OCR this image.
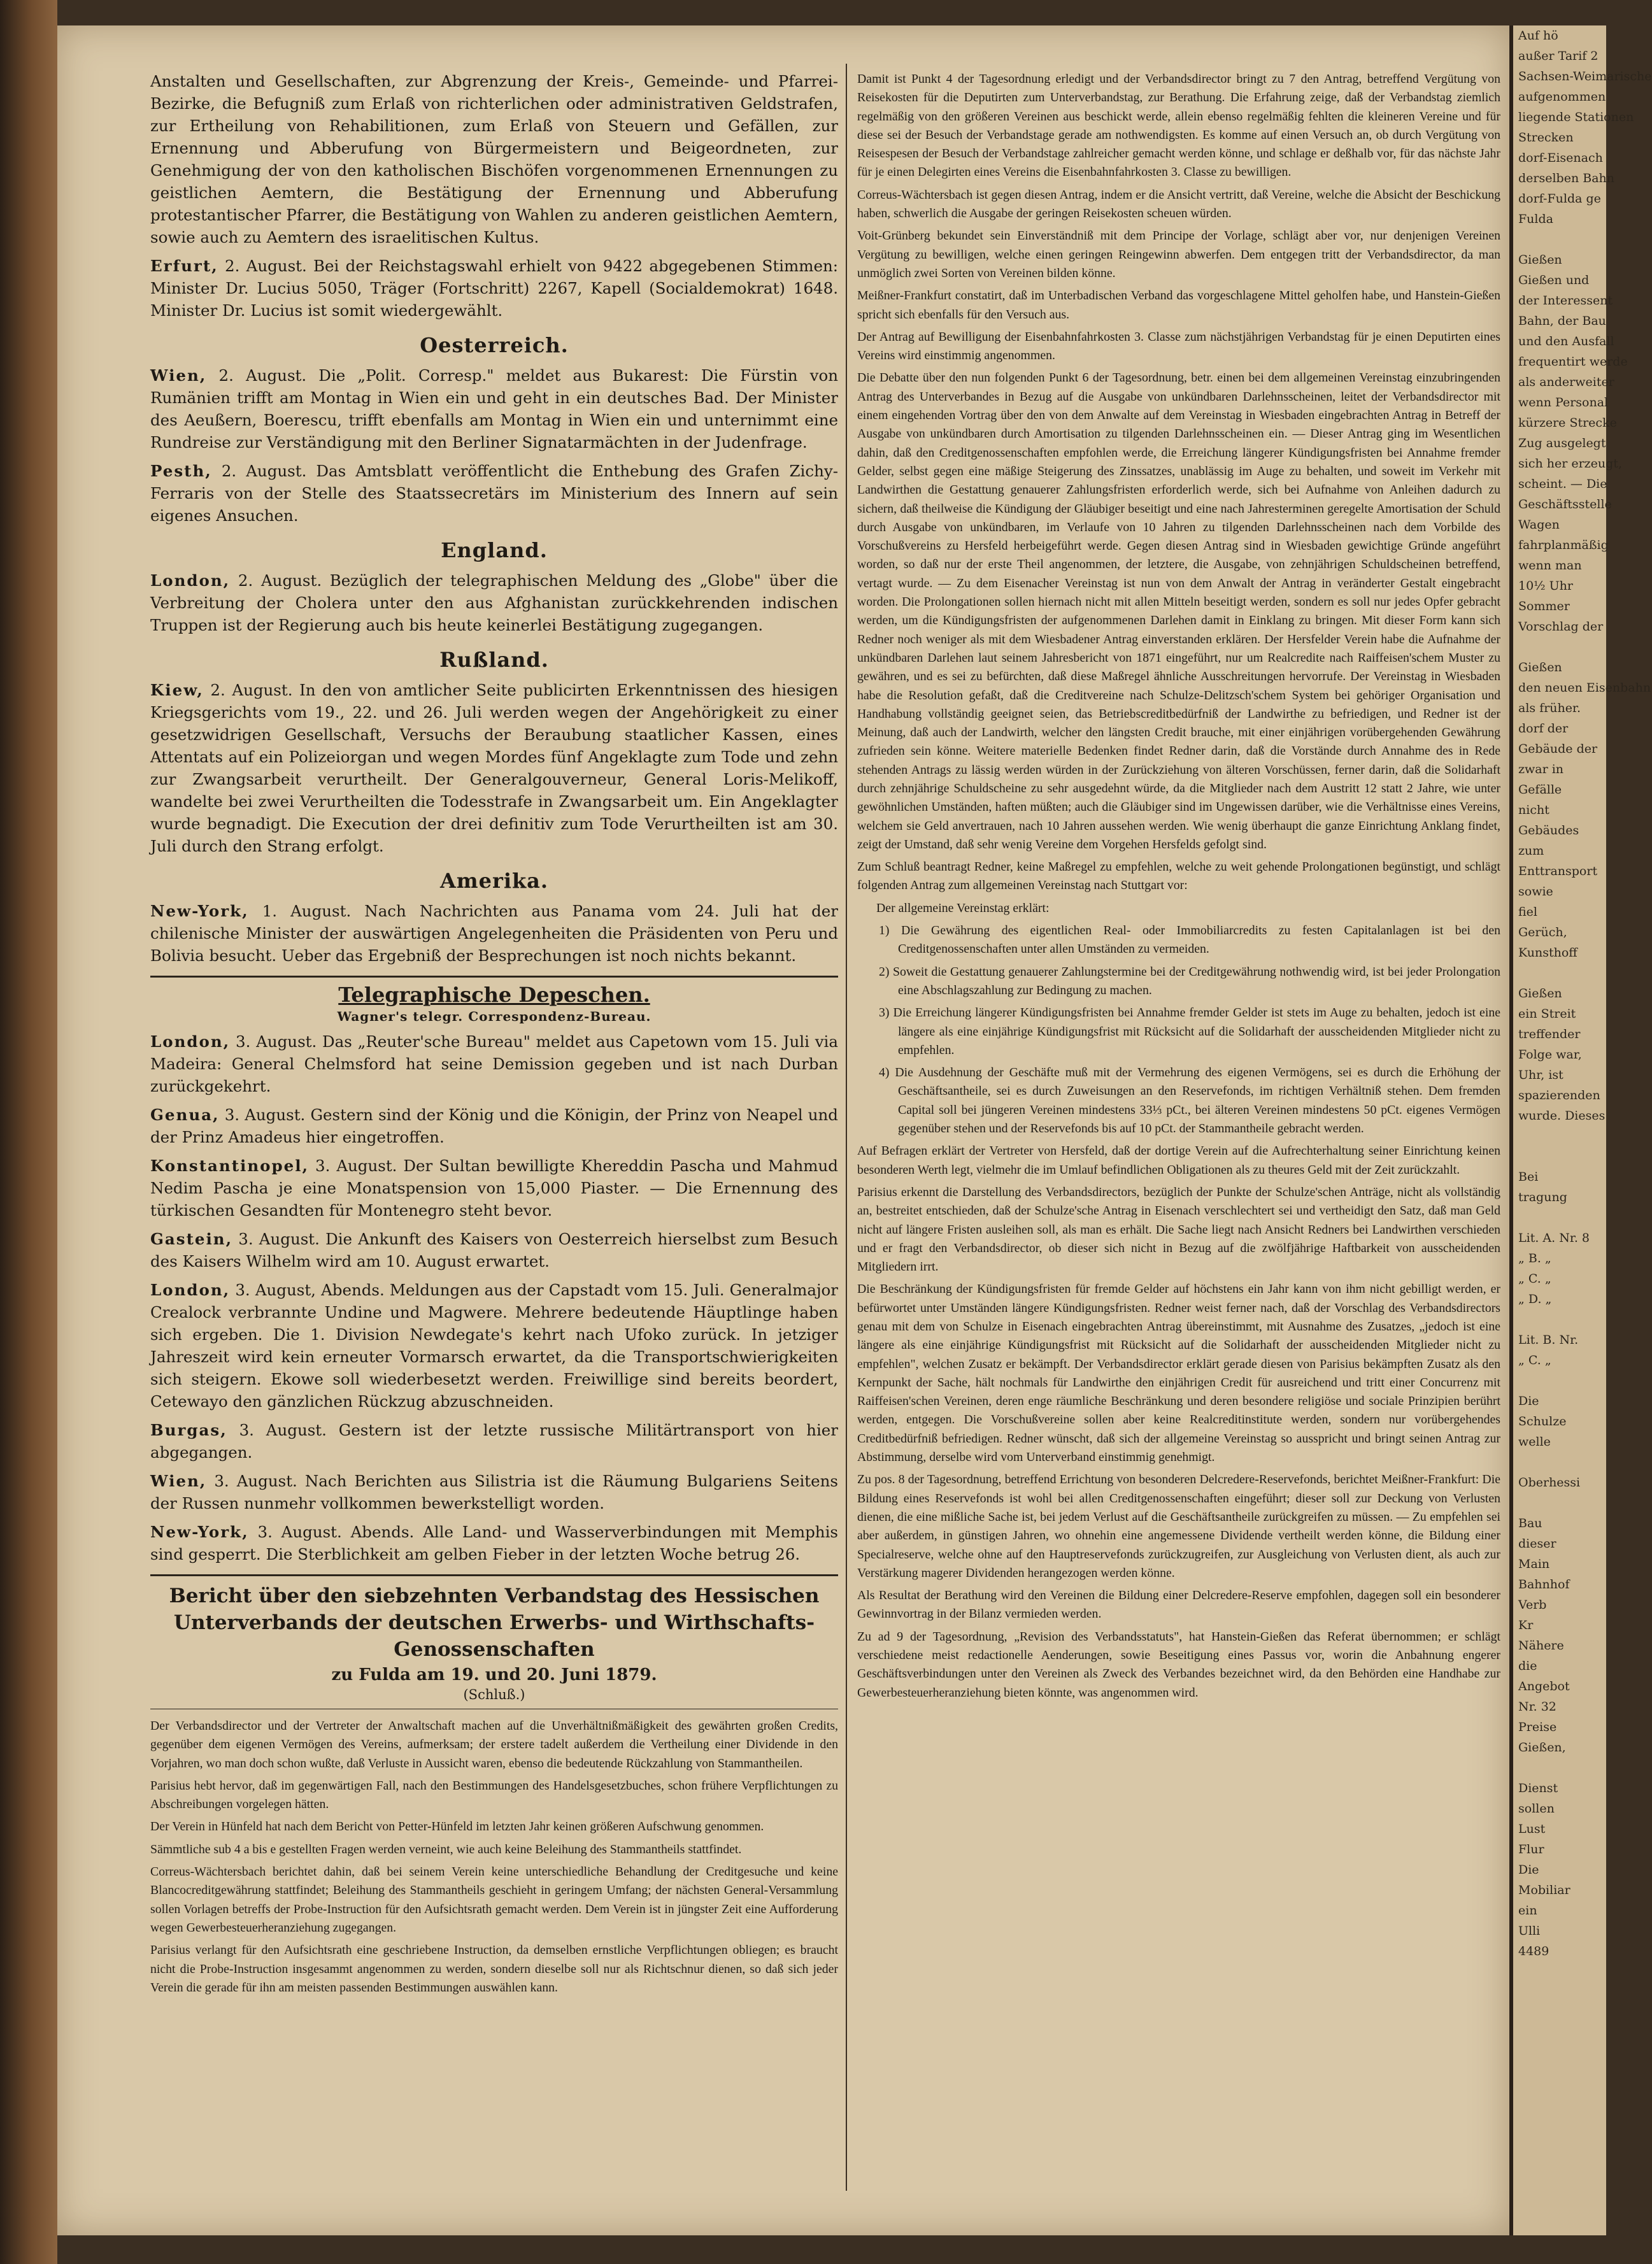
Anstalten und Gesellschaften, zur Abgrenzung der Kreis-, Gemeinde- und Pfarrei-Bezirke, die Befugniß zum Erlaß von richterlichen oder administrativen Geldstrafen, zur Ertheilung von Rehabilitionen, zum Erlaß von Steuern und Gefällen, zur Ernennung und Abberufung von Bürgermeistern und Beigeordneten, zur Genehmigung der von den katholischen Bischöfen vorgenommenen Ernennungen zu geistlichen Aemtern, die Bestätigung der Ernennung und Abberufung protestantischer Pfarrer, die Bestätigung von Wahlen zu anderen geistlichen Aemtern, sowie auch zu Aemtern des israelitischen Kultus.

Erfurt, 2. August. Bei der Reichstagswahl erhielt von 9422 abgegebenen Stimmen: Minister Dr. Lucius 5050, Träger (Fortschritt) 2267, Kapell (Socialdemokrat) 1648. Minister Dr. Lucius ist somit wiedergewählt.

Oesterreich.

Wien, 2. August. Die „Polit. Corresp." meldet aus Bukarest: Die Fürstin von Rumänien trifft am Montag in Wien ein und geht in ein deutsches Bad. Der Minister des Aeußern, Boerescu, trifft ebenfalls am Montag in Wien ein und unternimmt eine Rundreise zur Verständigung mit den Berliner Signatarmächten in der Judenfrage.

Pesth, 2. August. Das Amtsblatt veröffentlicht die Enthebung des Grafen Zichy-Ferraris von der Stelle des Staatssecretärs im Ministerium des Innern auf sein eigenes Ansuchen.

England.

London, 2. August. Bezüglich der telegraphischen Meldung des „Globe" über die Verbreitung der Cholera unter den aus Afghanistan zurückkehrenden indischen Truppen ist der Regierung auch bis heute keinerlei Bestätigung zugegangen.

Rußland.

Kiew, 2. August. In den von amtlicher Seite publicirten Erkenntnissen des hiesigen Kriegsgerichts vom 19., 22. und 26. Juli werden wegen der Angehörigkeit zu einer gesetzwidrigen Gesellschaft, Versuchs der Beraubung staatlicher Kassen, eines Attentats auf ein Polizeiorgan und wegen Mordes fünf Angeklagte zum Tode und zehn zur Zwangsarbeit verurtheilt. Der Generalgouverneur, General Loris-Melikoff, wandelte bei zwei Verurtheilten die Todesstrafe in Zwangsarbeit um. Ein Angeklagter wurde begnadigt. Die Execution der drei definitiv zum Tode Verurtheilten ist am 30. Juli durch den Strang erfolgt.

Amerika.

New-York, 1. August. Nach Nachrichten aus Panama vom 24. Juli hat der chilenische Minister der auswärtigen Angelegenheiten die Präsidenten von Peru und Bolivia besucht. Ueber das Ergebniß der Besprechungen ist noch nichts bekannt.

Telegraphische Depeschen.
Wagner's telegr. Correspondenz-Bureau.

London, 3. August. Das „Reuter'sche Bureau" meldet aus Capetown vom 15. Juli via Madeira: General Chelmsford hat seine Demission gegeben und ist nach Durban zurückgekehrt.

Genua, 3. August. Gestern sind der König und die Königin, der Prinz von Neapel und der Prinz Amadeus hier eingetroffen.

Konstantinopel, 3. August. Der Sultan bewilligte Khereddin Pascha und Mahmud Nedim Pascha je eine Monatspension von 15,000 Piaster. — Die Ernennung des türkischen Gesandten für Montenegro steht bevor.

Gastein, 3. August. Die Ankunft des Kaisers von Oesterreich hierselbst zum Besuch des Kaisers Wilhelm wird am 10. August erwartet.

London, 3. August, Abends. Meldungen aus der Capstadt vom 15. Juli. Generalmajor Crealock verbrannte Undine und Magwere. Mehrere bedeutende Häuptlinge haben sich ergeben. Die 1. Division Newdegate's kehrt nach Ufoko zurück. In jetziger Jahreszeit wird kein erneuter Vormarsch erwartet, da die Transportschwierigkeiten sich steigern. Ekowe soll wiederbesetzt werden. Freiwillige sind bereits beordert, Cetewayo den gänzlichen Rückzug abzuschneiden.

Burgas, 3. August. Gestern ist der letzte russische Militärtransport von hier abgegangen.

Wien, 3. August. Nach Berichten aus Silistria ist die Räumung Bulgariens Seitens der Russen nunmehr vollkommen bewerkstelligt worden.

New-York, 3. August. Abends. Alle Land- und Wasserverbindungen mit Memphis sind gesperrt. Die Sterblichkeit am gelben Fieber in der letzten Woche betrug 26.

Bericht über den siebzehnten Verbandstag des Hessischen Unterverbands der deutschen Erwerbs- und Wirthschafts-Genossenschaften
zu Fulda am 19. und 20. Juni 1879.
(Schluß.)

Der Verbandsdirector und der Vertreter der Anwaltschaft machen auf die Unverhältnißmäßigkeit des gewährten großen Credits, gegenüber dem eigenen Vermögen des Vereins, aufmerksam; der erstere tadelt außerdem die Vertheilung einer Dividende in den Vorjahren, wo man doch schon wußte, daß Verluste in Aussicht waren, ebenso die bedeutende Rückzahlung von Stammantheilen.

Parisius hebt hervor, daß im gegenwärtigen Fall, nach den Bestimmungen des Handelsgesetzbuches, schon frühere Verpflichtungen zu Abschreibungen vorgelegen hätten.

Der Verein in Hünfeld hat nach dem Bericht von Petter-Hünfeld im letzten Jahr keinen größeren Aufschwung genommen.

Sämmtliche sub 4 a bis e gestellten Fragen werden verneint, wie auch keine Beleihung des Stammantheils stattfindet.

Correus-Wächtersbach berichtet dahin, daß bei seinem Verein keine unterschiedliche Behandlung der Creditgesuche und keine Blancocreditgewährung stattfindet; Beleihung des Stammantheils geschieht in geringem Umfang; der nächsten General-Versammlung sollen Vorlagen betreffs der Probe-Instruction für den Aufsichtsrath gemacht werden. Dem Verein ist in jüngster Zeit eine Aufforderung wegen Gewerbesteuerheranziehung zugegangen.

Parisius verlangt für den Aufsichtsrath eine geschriebene Instruction, da demselben ernstliche Verpflichtungen obliegen; es braucht nicht die Probe-Instruction insgesammt angenommen zu werden, sondern dieselbe soll nur als Richtschnur dienen, so daß sich jeder Verein die gerade für ihn am meisten passenden Bestimmungen auswählen kann.

Damit ist Punkt 4 der Tagesordnung erledigt und der Verbandsdirector bringt zu 7 den Antrag, betreffend Vergütung von Reisekosten für die Deputirten zum Unterverbandstag, zur Berathung. Die Erfahrung zeige, daß der Verbandstag ziemlich regelmäßig von den größeren Vereinen aus beschickt werde, allein ebenso regelmäßig fehlten die kleineren Vereine und für diese sei der Besuch der Verbandstage gerade am nothwendigsten. Es komme auf einen Versuch an, ob durch Vergütung von Reisespesen der Besuch der Verbandstage zahlreicher gemacht werden könne, und schlage er deßhalb vor, für das nächste Jahr für je einen Delegirten eines Vereins die Eisenbahnfahrkosten 3. Classe zu bewilligen.

Correus-Wächtersbach ist gegen diesen Antrag, indem er die Ansicht vertritt, daß Vereine, welche die Absicht der Beschickung haben, schwerlich die Ausgabe der geringen Reisekosten scheuen würden.

Voit-Grünberg bekundet sein Einverständniß mit dem Principe der Vorlage, schlägt aber vor, nur denjenigen Vereinen Vergütung zu bewilligen, welche einen geringen Reingewinn abwerfen. Dem entgegen tritt der Verbandsdirector, da man unmöglich zwei Sorten von Vereinen bilden könne.

Meißner-Frankfurt constatirt, daß im Unterbadischen Verband das vorgeschlagene Mittel geholfen habe, und Hanstein-Gießen spricht sich ebenfalls für den Versuch aus.

Der Antrag auf Bewilligung der Eisenbahnfahrkosten 3. Classe zum nächstjährigen Verbandstag für je einen Deputirten eines Vereins wird einstimmig angenommen.

Die Debatte über den nun folgenden Punkt 6 der Tagesordnung, betr. einen bei dem allgemeinen Vereinstag einzubringenden Antrag des Unterverbandes in Bezug auf die Ausgabe von unkündbaren Darlehnsscheinen, leitet der Verbandsdirector mit einem eingehenden Vortrag über den von dem Anwalte auf dem Vereinstag in Wiesbaden eingebrachten Antrag in Betreff der Ausgabe von unkündbaren durch Amortisation zu tilgenden Darlehnsscheinen ein. — Dieser Antrag ging im Wesentlichen dahin, daß den Creditgenossenschaften empfohlen werde, die Erreichung längerer Kündigungsfristen bei Annahme fremder Gelder, selbst gegen eine mäßige Steigerung des Zinssatzes, unablässig im Auge zu behalten, und soweit im Verkehr mit Landwirthen die Gestattung genauerer Zahlungsfristen erforderlich werde, sich bei Aufnahme von Anleihen dadurch zu sichern, daß theilweise die Kündigung der Gläubiger beseitigt und eine nach Jahresterminen geregelte Amortisation der Schuld durch Ausgabe von unkündbaren, im Verlaufe von 10 Jahren zu tilgenden Darlehnsscheinen nach dem Vorbilde des Vorschußvereins zu Hersfeld herbeigeführt werde. Gegen diesen Antrag sind in Wiesbaden gewichtige Gründe angeführt worden, so daß nur der erste Theil angenommen, der letztere, die Ausgabe, von zehnjährigen Schuldscheinen betreffend, vertagt wurde. — Zu dem Eisenacher Vereinstag ist nun von dem Anwalt der Antrag in veränderter Gestalt eingebracht worden. Die Prolongationen sollen hiernach nicht mit allen Mitteln beseitigt werden, sondern es soll nur jedes Opfer gebracht werden, um die Kündigungsfristen der aufgenommenen Darlehen damit in Einklang zu bringen. Mit dieser Form kann sich Redner noch weniger als mit dem Wiesbadener Antrag einverstanden erklären. Der Hersfelder Verein habe die Aufnahme der unkündbaren Darlehen laut seinem Jahresbericht von 1871 eingeführt, nur um Realcredite nach Raiffeisen'schem Muster zu gewähren, und es sei zu befürchten, daß diese Maßregel ähnliche Ausschreitungen hervorrufe. Der Vereinstag in Wiesbaden habe die Resolution gefaßt, daß die Creditvereine nach Schulze-Delitzsch'schem System bei gehöriger Organisation und Handhabung vollständig geeignet seien, das Betriebscreditbedürfniß der Landwirthe zu befriedigen, und Redner ist der Meinung, daß auch der Landwirth, welcher den längsten Credit brauche, mit einer einjährigen vorübergehenden Gewährung zufrieden sein könne. Weitere materielle Bedenken findet Redner darin, daß die Vorstände durch Annahme des in Rede stehenden Antrags zu lässig werden würden in der Zurückziehung von älteren Vorschüssen, ferner darin, daß die Solidarhaft durch zehnjährige Schuldscheine zu sehr ausgedehnt würde, da die Mitglieder nach dem Austritt 12 statt 2 Jahre, wie unter gewöhnlichen Umständen, haften müßten; auch die Gläubiger sind im Ungewissen darüber, wie die Verhältnisse eines Vereins, welchem sie Geld anvertrauen, nach 10 Jahren aussehen werden. Wie wenig überhaupt die ganze Einrichtung Anklang findet, zeigt der Umstand, daß sehr wenig Vereine dem Vorgehen Hersfelds gefolgt sind.

Zum Schluß beantragt Redner, keine Maßregel zu empfehlen, welche zu weit gehende Prolongationen begünstigt, und schlägt folgenden Antrag zum allgemeinen Vereinstag nach Stuttgart vor:

Der allgemeine Vereinstag erklärt:

1) Die Gewährung des eigentlichen Real- oder Immobiliarcredits zu festen Capitalanlagen ist bei den Creditgenossenschaften unter allen Umständen zu vermeiden.

2) Soweit die Gestattung genauerer Zahlungstermine bei der Creditgewährung nothwendig wird, ist bei jeder Prolongation eine Abschlagszahlung zur Bedingung zu machen.

3) Die Erreichung längerer Kündigungsfristen bei Annahme fremder Gelder ist stets im Auge zu behalten, jedoch ist eine längere als eine einjährige Kündigungsfrist mit Rücksicht auf die Solidarhaft der ausscheidenden Mitglieder nicht zu empfehlen.

4) Die Ausdehnung der Geschäfte muß mit der Vermehrung des eigenen Vermögens, sei es durch die Erhöhung der Geschäftsantheile, sei es durch Zuweisungen an den Reservefonds, im richtigen Verhältniß stehen. Dem fremden Capital soll bei jüngeren Vereinen mindestens 33⅓ pCt., bei älteren Vereinen mindestens 50 pCt. eigenes Vermögen gegenüber stehen und der Reservefonds bis auf 10 pCt. der Stammantheile gebracht werden.

Auf Befragen erklärt der Vertreter von Hersfeld, daß der dortige Verein auf die Aufrechterhaltung seiner Einrichtung keinen besonderen Werth legt, vielmehr die im Umlauf befindlichen Obligationen als zu theures Geld mit der Zeit zurückzahlt.

Parisius erkennt die Darstellung des Verbandsdirectors, bezüglich der Punkte der Schulze'schen Anträge, nicht als vollständig an, bestreitet entschieden, daß der Schulze'sche Antrag in Eisenach verschlechtert sei und vertheidigt den Satz, daß man Geld nicht auf längere Fristen ausleihen soll, als man es erhält. Die Sache liegt nach Ansicht Redners bei Landwirthen verschieden und er fragt den Verbandsdirector, ob dieser sich nicht in Bezug auf die zwölfjährige Haftbarkeit von ausscheidenden Mitgliedern irrt.

Die Beschränkung der Kündigungsfristen für fremde Gelder auf höchstens ein Jahr kann von ihm nicht gebilligt werden, er befürwortet unter Umständen längere Kündigungsfristen. Redner weist ferner nach, daß der Vorschlag des Verbandsdirectors genau mit dem von Schulze in Eisenach eingebrachten Antrag übereinstimmt, mit Ausnahme des Zusatzes, „jedoch ist eine längere als eine einjährige Kündigungsfrist mit Rücksicht auf die Solidarhaft der ausscheidenden Mitglieder nicht zu empfehlen", welchen Zusatz er bekämpft. Der Verbandsdirector erklärt gerade diesen von Parisius bekämpften Zusatz als den Kernpunkt der Sache, hält nochmals für Landwirthe den einjährigen Credit für ausreichend und tritt einer Concurrenz mit Raiffeisen'schen Vereinen, deren enge räumliche Beschränkung und deren besondere religiöse und sociale Prinzipien berührt werden, entgegen. Die Vorschußvereine sollen aber keine Realcreditinstitute werden, sondern nur vorübergehendes Creditbedürfniß befriedigen. Redner wünscht, daß sich der allgemeine Vereinstag so ausspricht und bringt seinen Antrag zur Abstimmung, derselbe wird vom Unterverband einstimmig genehmigt.

Zu pos. 8 der Tagesordnung, betreffend Errichtung von besonderen Delcredere-Reservefonds, berichtet Meißner-Frankfurt: Die Bildung eines Reservefonds ist wohl bei allen Creditgenossenschaften eingeführt; dieser soll zur Deckung von Verlusten dienen, die eine mißliche Sache ist, bei jedem Verlust auf die Geschäftsantheile zurückgreifen zu müssen. — Zu empfehlen sei aber außerdem, in günstigen Jahren, wo ohnehin eine angemessene Dividende vertheilt werden könne, die Bildung einer Specialreserve, welche ohne auf den Hauptreservefonds zurückzugreifen, zur Ausgleichung von Verlusten dient, als auch zur Verstärkung magerer Dividenden herangezogen werden könne.

Als Resultat der Berathung wird den Vereinen die Bildung einer Delcredere-Reserve empfohlen, dagegen soll ein besonderer Gewinnvortrag in der Bilanz vermieden werden.

Zu ad 9 der Tagesordnung, „Revision des Verbandsstatuts", hat Hanstein-Gießen das Referat übernommen; er schlägt verschiedene meist redactionelle Aenderungen, sowie Beseitigung eines Passus vor, worin die Anbahnung engerer Geschäftsverbindungen unter den Vereinen als Zweck des Verbandes bezeichnet wird, da den Behörden eine Handhabe zur Gewerbesteuerheranziehung bieten könnte, was angenommen wird.

Auf hö
außer Tarif 2
Sachsen-Weimarische
aufgenommen
liegende Stationen
Strecken
dorf-Eisenach
derselben Bahn
dorf-Fulda ge
Fulda

Gießen
Gießen und
der Interessent
Bahn, der Bau
und den Ausfall
frequentirt werde
als anderweiter
wenn Personal
kürzere Strecke
Zug ausgelegt
sich her erzeugt,
scheint. — Die
Geschäftsstelle
Wagen
fahrplanmäßig
wenn man
10½ Uhr
Sommer
Vorschlag der

Gießen
den neuen Eisenbahn
als früher.
dorf der
Gebäude der
zwar in
Gefälle
nicht
Gebäudes
zum
Enttransport
sowie
fiel
Gerüch,
Kunsthoff

Gießen
ein Streit
treffender
Folge war,
Uhr, ist
spazierenden
wurde. Dieses

Bei
tragung

Lit. A. Nr. 8
„ B. „
„ C. „
„ D. „

Lit. B. Nr.
„ C. „

Die
Schulze
welle

Oberhessi

Bau
dieser
Main
Bahnhof
Verb
Kr
Nähere
die
Angebot
Nr. 32
Preise
Gießen,

Dienst
sollen
Lust
Flur
Die
Mobiliar
ein
Ulli
4489
